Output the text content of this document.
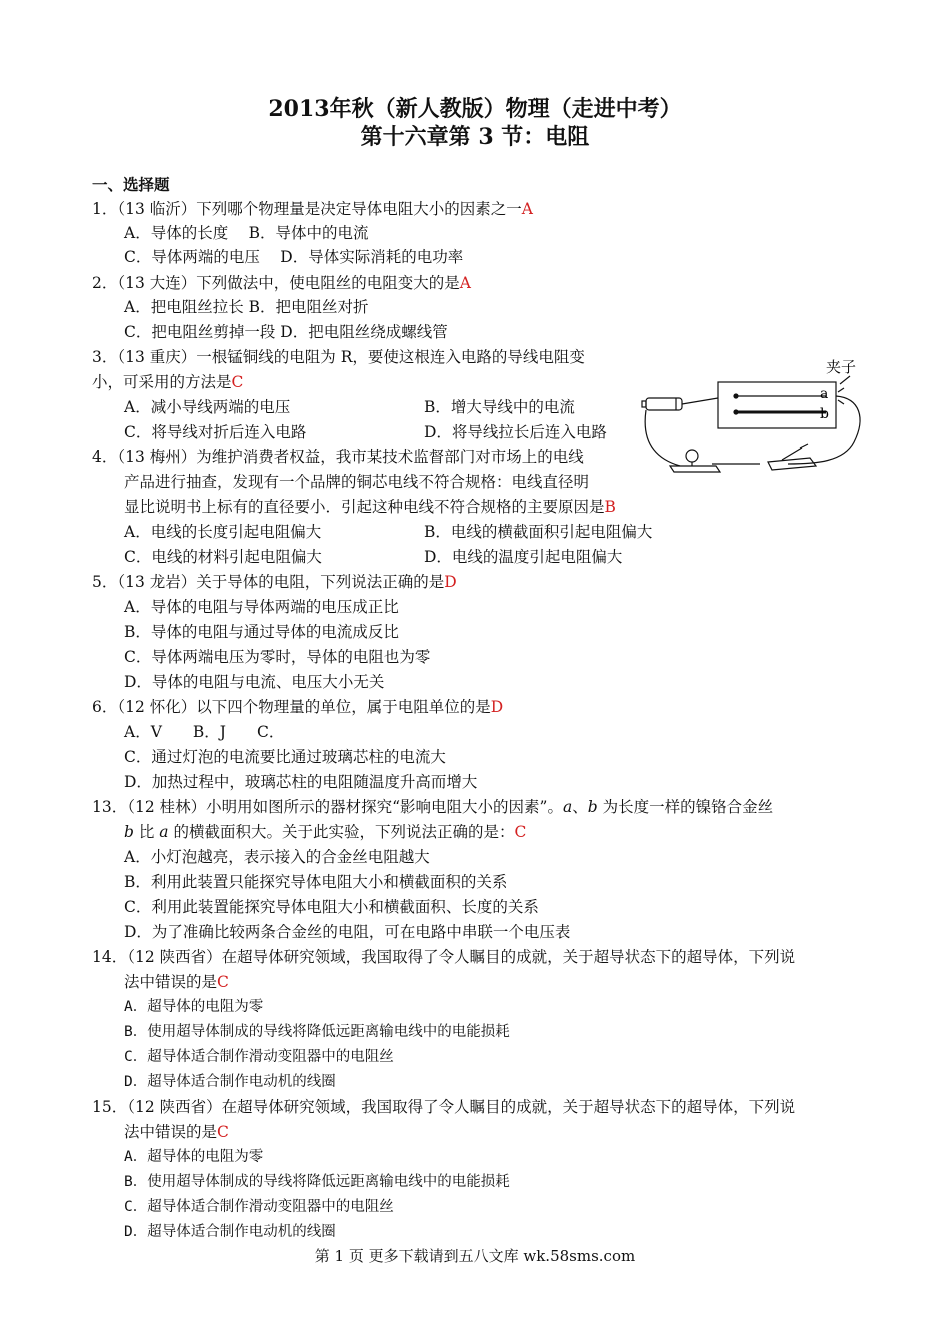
2013年秋（新人教版）物理（走进中考）
第十六章第 3 节：电阻
一、选择题
1．（13 临沂）下列哪个物理量是决定导体电阻大小的因素之一A
A．导体的长度　 B．导体中的电流
C．导体两端的电压　 D．导体实际消耗的电功率
2．（13 大连）下列做法中，使电阻丝的电阻变大的是A
A．把电阻丝拉长 B．把电阻丝对折
C．把电阻丝剪掉一段 D．把电阻丝绕成螺线管
3．（13 重庆）一根锰铜线的电阻为 R，要使这根连入电路的导线电阻变
小，可采用的方法是C
A．减小导线两端的电压	B．增大导线中的电流
C．将导线对折后连入电路	D．将导线拉长后连入电路
4．（13 梅州）为维护消费者权益，我市某技术监督部门对市场上的电线
产品进行抽查，发现有一个品牌的铜芯电线不符合规格：电线直径明
显比说明书上标有的直径要小．引起这种电线不符合规格的主要原因是B
A．电线的长度引起电阻偏大	B．电线的横截面积引起电阻偏大
C．电线的材料引起电阻偏大	D．电线的温度引起电阻偏大
5．（13 龙岩）关于导体的电阻，下列说法正确的是D
A．导体的电阻与导体两端的电压成正比
B．导体的电阻与通过导体的电流成反比
C．导体两端电压为零时，导体的电阻也为零
D．导体的电阻与电流、电压大小无关
6．（12 怀化）以下四个物理量的单位，属于电阻单位的是D
A．V　　B．J　　C．
C．通过灯泡的电流要比通过玻璃芯柱的电流大
D．加热过程中，玻璃芯柱的电阻随温度升高而增大
13．（12 桂林）小明用如图所示的器材探究“影响电阻大小的因素”。a、b 为长度一样的镍铬合金丝
b 比 a 的横截面积大。关于此实验，下列说法正确的是：C
A．小灯泡越亮，表示接入的合金丝电阻越大
B．利用此装置只能探究导体电阻大小和横截面积的关系
C．利用此装置能探究导体电阻大小和横截面积、长度的关系
D．为了准确比较两条合金丝的电阻，可在电路中串联一个电压表
14．（12 陕西省）在超导体研究领域，我国取得了令人瞩目的成就，关于超导状态下的超导体，下列说
法中错误的是C
A．超导体的电阻为零
B．使用超导体制成的导线将降低远距离输电线中的电能损耗
C．超导体适合制作滑动变阻器中的电阻丝
D．超导体适合制作电动机的线圈
15．（12 陕西省）在超导体研究领域，我国取得了令人瞩目的成就，关于超导状态下的超导体，下列说
法中错误的是C
A．超导体的电阻为零
B．使用超导体制成的导线将降低远距离输电线中的电能损耗
C．超导体适合制作滑动变阻器中的电阻丝
D．超导体适合制作电动机的线圈
夹子
a
b
第 1 页 更多下载请到五八文库 wk.58sms.com
